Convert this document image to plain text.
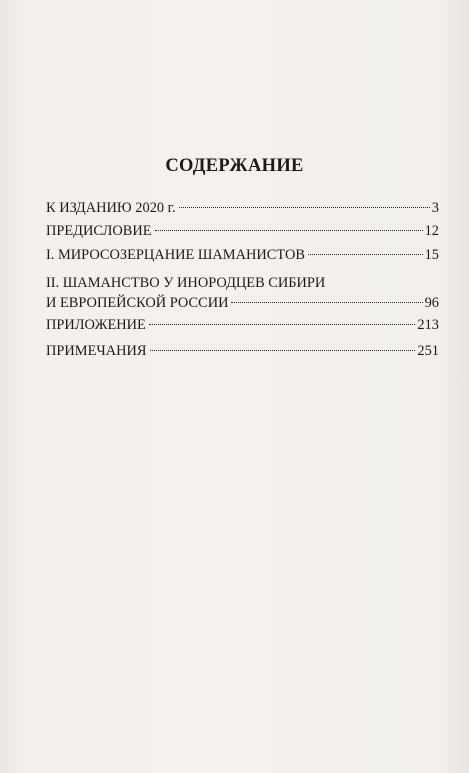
СОДЕРЖАНИЕ
К ИЗДАНИЮ 2020 г.	3
ПРЕДИСЛОВИЕ	12
I. МИРОСОЗЕРЦАНИЕ ШАМАНИСТОВ	15
II. ШАМАНСТВО У ИНОРОДЦЕВ СИБИРИ
И ЕВРОПЕЙСКОЙ РОССИИ	96
ПРИЛОЖЕНИЕ	213
ПРИМЕЧАНИЯ	251
